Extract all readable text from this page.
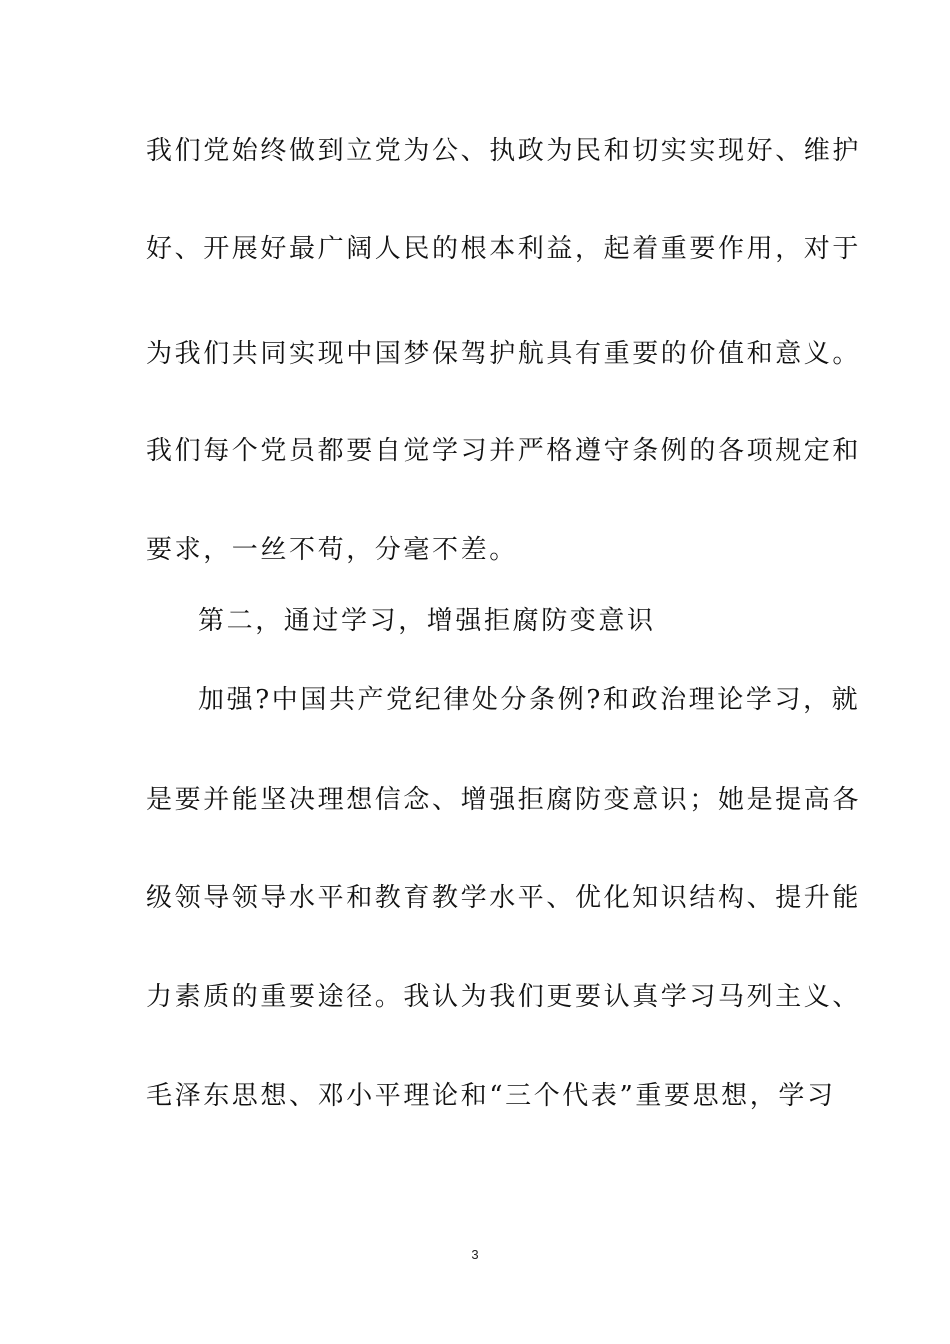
我们党始终做到立党为公、执政为民和切实实现好、维护
好、开展好最广阔人民的根本利益，起着重要作用，对于
为我们共同实现中国梦保驾护航具有重要的价值和意义。
我们每个党员都要自觉学习并严格遵守条例的各项规定和
要求，一丝不苟，分毫不差。
第二，通过学习，增强拒腐防变意识
加强?中国共产党纪律处分条例?和政治理论学习，就
是要并能坚决理想信念、增强拒腐防变意识；她是提高各
级领导领导水平和教育教学水平、优化知识结构、提升能
力素质的重要途径。我认为我们更要认真学习马列主义、
毛泽东思想、邓小平理论和“三个代表”重要思想，学习
3
